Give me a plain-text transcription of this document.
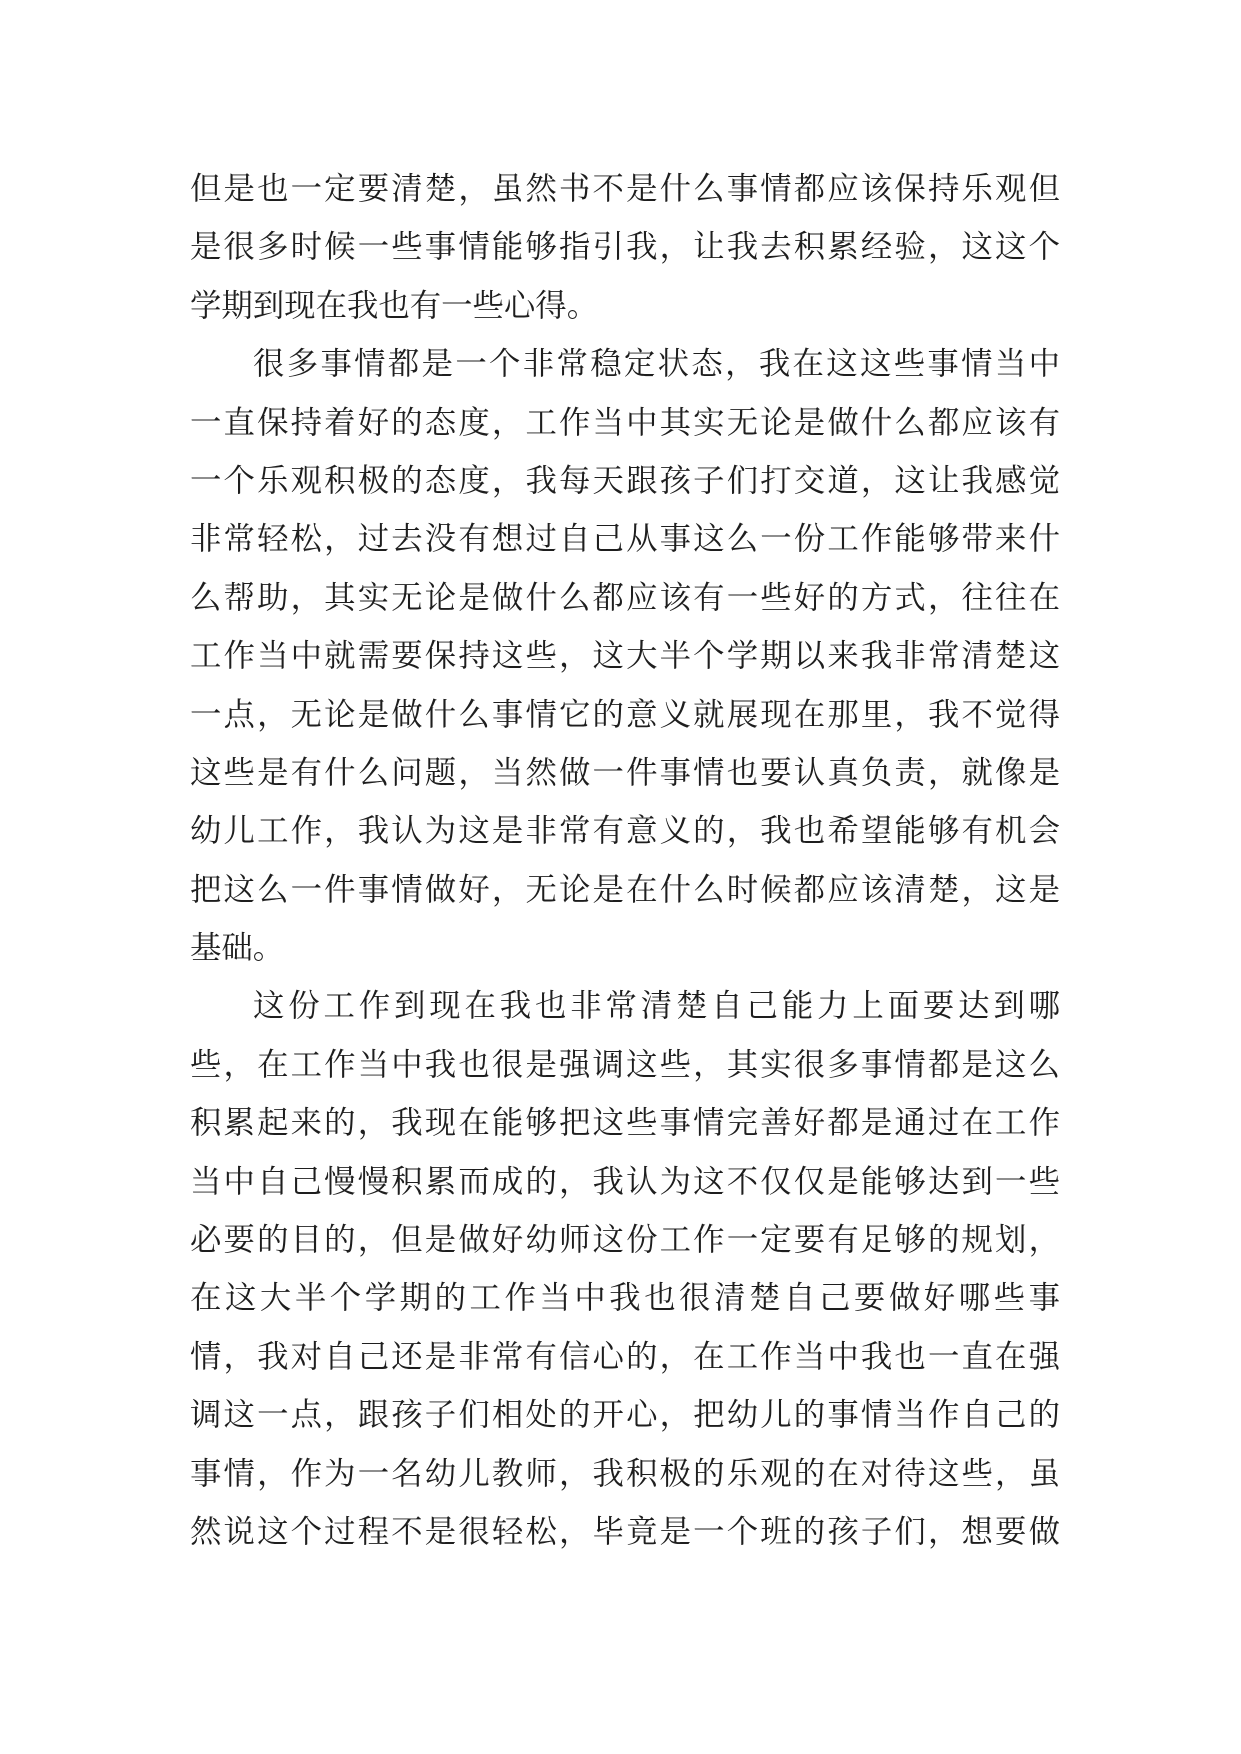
但是也一定要清楚，虽然书不是什么事情都应该保持乐观但
是很多时候一些事情能够指引我，让我去积累经验，这这个
学期到现在我也有一些心得。
很多事情都是一个非常稳定状态，我在这这些事情当中
一直保持着好的态度，工作当中其实无论是做什么都应该有
一个乐观积极的态度，我每天跟孩子们打交道，这让我感觉
非常轻松，过去没有想过自己从事这么一份工作能够带来什
么帮助，其实无论是做什么都应该有一些好的方式，往往在
工作当中就需要保持这些，这大半个学期以来我非常清楚这
一点，无论是做什么事情它的意义就展现在那里，我不觉得
这些是有什么问题，当然做一件事情也要认真负责，就像是
幼儿工作，我认为这是非常有意义的，我也希望能够有机会
把这么一件事情做好，无论是在什么时候都应该清楚，这是
基础。
这份工作到现在我也非常清楚自己能力上面要达到哪
些，在工作当中我也很是强调这些，其实很多事情都是这么
积累起来的，我现在能够把这些事情完善好都是通过在工作
当中自己慢慢积累而成的，我认为这不仅仅是能够达到一些
必要的目的，但是做好幼师这份工作一定要有足够的规划，
在这大半个学期的工作当中我也很清楚自己要做好哪些事
情，我对自己还是非常有信心的，在工作当中我也一直在强
调这一点，跟孩子们相处的开心，把幼儿的事情当作自己的
事情，作为一名幼儿教师，我积极的乐观的在对待这些，虽
然说这个过程不是很轻松，毕竟是一个班的孩子们，想要做
